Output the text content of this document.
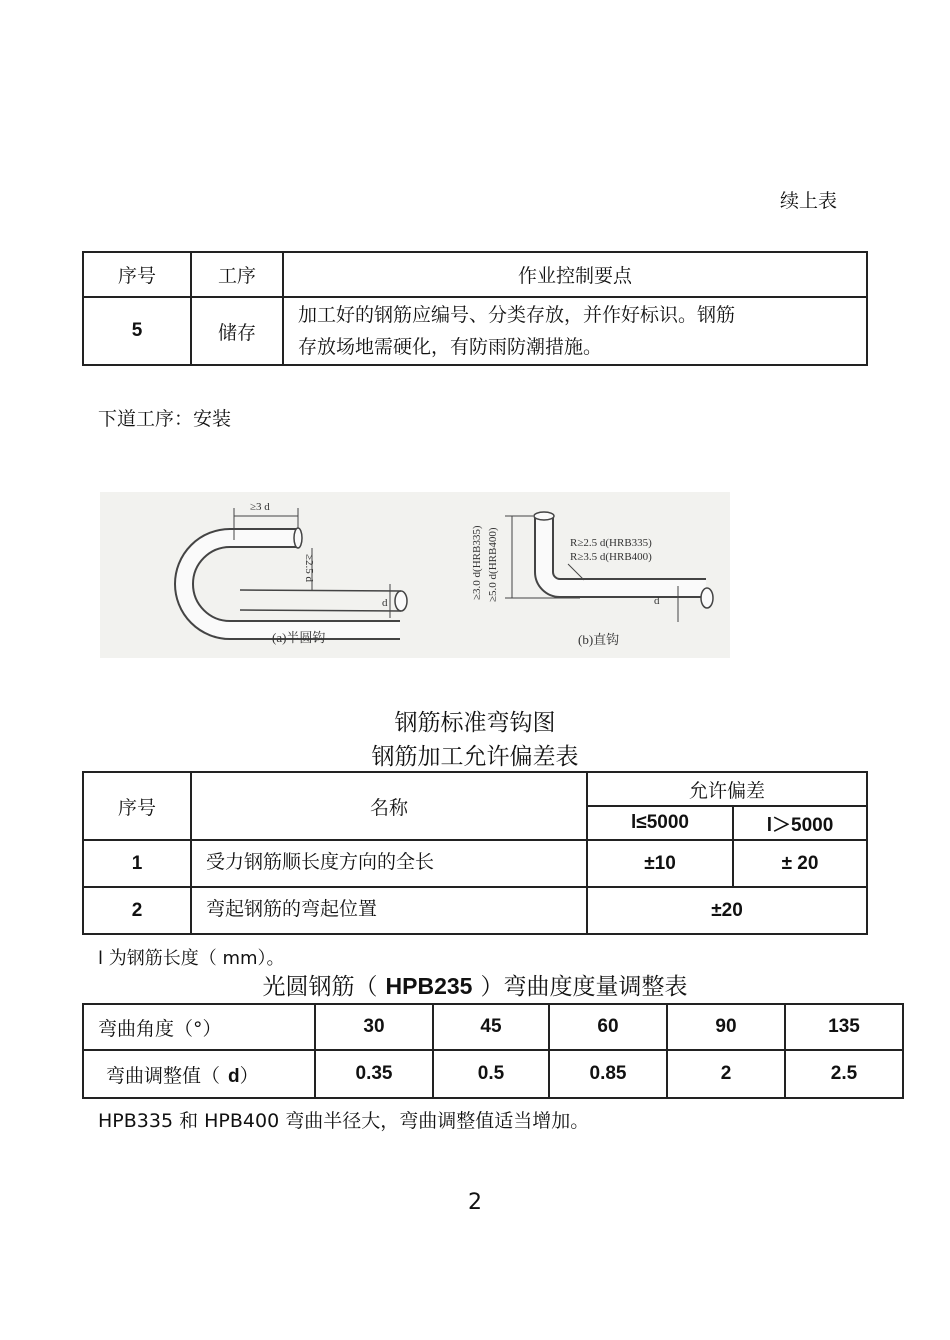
续上表
序号	工序	作业控制要点
5	储存	加工好的钢筋应编号、分类存放，并作好标识。钢筋
存放场地需硬化，有防雨防潮措施。
下道工序：安装
≥3 d
≥2.5 d
d
(a)半圆钩
≥3.0 d(HRB335) ≥5.0 d(HRB400)	R≥2.5 d(HRB335)
R≥3.5 d(HRB400)
d
(b)直钩
钢筋标准弯钩图
钢筋加工允许偏差表
序号	名称	允许偏差	
		l≤5000	l＞5000
1	受力钢筋顺长度方向的全长	±10	± 20
2	弯起钢筋的弯起位置	±20	
l 为钢筋长度（ mm）。
光圆钢筋（ HPB235 ）弯曲度度量调整表
弯曲角度（°）	30	45	60	90	135
弯曲调整值（ d）	0.35	0.5	0.85	2	2.5
HPB335 和 HPB400 弯曲半径大，弯曲调整值适当增加。
2
